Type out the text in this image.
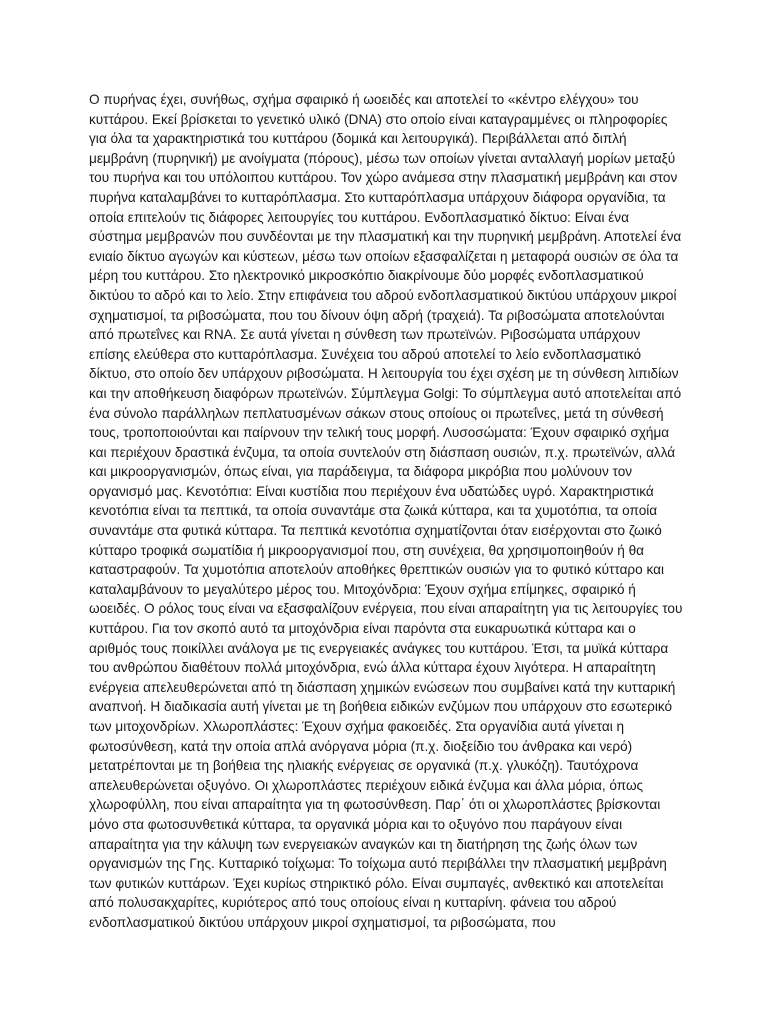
Ο πυρήνας έχει, συνήθως, σχήμα σφαιρικό ή ωοειδές και αποτελεί το «κέντρο ελέγχου» του κυττάρου. Εκεί βρίσκεται το γενετικό υλικό (DNA) στο οποίο είναι καταγραμμένες οι πληροφορίες για όλα τα χαρακτηριστικά του κυττάρου (δομικά και λειτουργικά). Περιβάλλεται από διπλή μεμβράνη (πυρηνική) με ανοίγματα (πόρους), μέσω των οποίων γίνεται ανταλλαγή μορίων μεταξύ του πυρήνα και του υπόλοιπου κυττάρου. Τον χώρο ανάμεσα στην πλασματική μεμβράνη και στον πυρήνα καταλαμβάνει το κυτταρόπλασμα. Στο κυτταρόπλασμα υπάρχουν διάφορα οργανίδια, τα οποία επιτελούν τις διάφορες λειτουργίες του κυττάρου. Ενδοπλασματικό δίκτυο: Είναι ένα σύστημα μεμβρανών που συνδέονται με την πλασματική και την πυρηνική μεμβράνη. Αποτελεί ένα ενιαίο δίκτυο αγωγών και κύστεων, μέσω των οποίων εξασφαλίζεται η μεταφορά ουσιών σε όλα τα μέρη του κυττάρου. Στο ηλεκτρονικό μικροσκόπιο διακρίνουμε δύο μορφές ενδοπλασματικού δικτύου το αδρό και το λείο. Στην επιφάνεια του αδρού ενδοπλασματικού δικτύου υπάρχουν μικροί σχηματισμοί, τα ριβοσώματα, που του δίνουν όψη αδρή (τραχειά). Τα ριβοσώματα αποτελούνται από πρωτεΐνες και RNA. Σε αυτά γίνεται η σύνθεση των πρωτεϊνών. Ριβοσώματα υπάρχουν επίσης ελεύθερα στο κυτταρόπλασμα. Συνέχεια του αδρού αποτελεί το λείο ενδοπλασματικό δίκτυο, στο οποίο δεν υπάρχουν ριβοσώματα. Η λειτουργία του έχει σχέση με τη σύνθεση λιπιδίων και την αποθήκευση διαφόρων πρωτεϊνών. Σύμπλεγμα Golgi: Το σύμπλεγμα αυτό αποτελείται από ένα σύνολο παράλληλων πεπλατυσμένων σάκων στους οποίους οι πρωτεΐνες, μετά τη σύνθεσή τους, τροποποιούνται και παίρνουν την τελική τους μορφή. Λυσοσώματα: Έχουν σφαιρικό σχήμα και περιέχουν δραστικά ένζυμα, τα οποία συντελούν στη διάσπαση ουσιών, π.χ. πρωτεϊνών, αλλά και μικροοργανισμών, όπως είναι, για παράδειγμα, τα διάφορα μικρόβια που μολύνουν τον οργανισμό μας. Κενοτόπια: Είναι κυστίδια που περιέχουν ένα υδατώδες υγρό. Χαρακτηριστικά κενοτόπια είναι τα πεπτικά, τα οποία συναντάμε στα ζωικά κύτταρα, και τα χυμοτόπια, τα οποία συναντάμε στα φυτικά κύτταρα. Τα πεπτικά κενοτόπια σχηματίζονται όταν εισέρχονται στο ζωικό κύτταρο τροφικά σωματίδια ή μικροοργανισμοί που, στη συνέχεια, θα χρησιμοποιηθούν ή θα καταστραφούν. Τα χυμοτόπια αποτελούν αποθήκες θρεπτικών ουσιών για το φυτικό κύτταρο και καταλαμβάνουν το μεγαλύτερο μέρος του. Μιτοχόνδρια: Έχουν σχήμα επίμηκες, σφαιρικό ή ωοειδές. Ο ρόλος τους είναι να εξασφαλίζουν ενέργεια, που είναι απαραίτητη για τις λειτουργίες του κυττάρου. Για τον σκοπό αυτό τα μιτοχόνδρια είναι παρόντα στα ευκαρυωτικά κύτταρα και ο αριθμός τους ποικίλλει ανάλογα με τις ενεργειακές ανάγκες του κυττάρου. Έτσι, τα μυϊκά κύτταρα του ανθρώπου διαθέτουν πολλά μιτοχόνδρια, ενώ άλλα κύτταρα έχουν λιγότερα. Η απαραίτητη ενέργεια απελευθερώνεται από τη διάσπαση χημικών ενώσεων που συμβαίνει κατά την κυτταρική αναπνοή. Η διαδικασία αυτή γίνεται με τη βοήθεια ειδικών ενζύμων που υπάρχουν στο εσωτερικό των μιτοχονδρίων. Χλωροπλάστες: Έχουν σχήμα φακοειδές. Στα οργανίδια αυτά γίνεται η φωτοσύνθεση, κατά την οποία απλά ανόργανα μόρια (π.χ. διοξείδιο του άνθρακα και νερό) μετατρέπονται με τη βοήθεια της ηλιακής ενέργειας σε οργανικά (π.χ. γλυκόζη). Ταυτόχρονα απελευθερώνεται οξυγόνο. Οι χλωροπλάστες περιέχουν ειδικά ένζυμα και άλλα μόρια, όπως χλωροφύλλη, που είναι απαραίτητα για τη φωτοσύνθεση. Παρ΄ ότι οι χλωροπλάστες βρίσκονται μόνο στα φωτοσυνθετικά κύτταρα, τα οργανικά μόρια και το οξυγόνο που παράγουν είναι απαραίτητα για την κάλυψη των ενεργειακών αναγκών και τη διατήρηση της ζωής όλων των οργανισμών της Γης. Κυτταρικό τοίχωμα: Το τοίχωμα αυτό περιβάλλει την πλασματική μεμβράνη των φυτικών κυττάρων. Έχει κυρίως στηρικτικό ρόλο. Είναι συμπαγές, ανθεκτικό και αποτελείται από πολυσακχαρίτες, κυριότερος από τους οποίους είναι η κυτταρίνη. φάνεια του αδρού ενδοπλασματικού δικτύου υπάρχουν μικροί σχηματισμοί, τα ριβοσώματα, που
